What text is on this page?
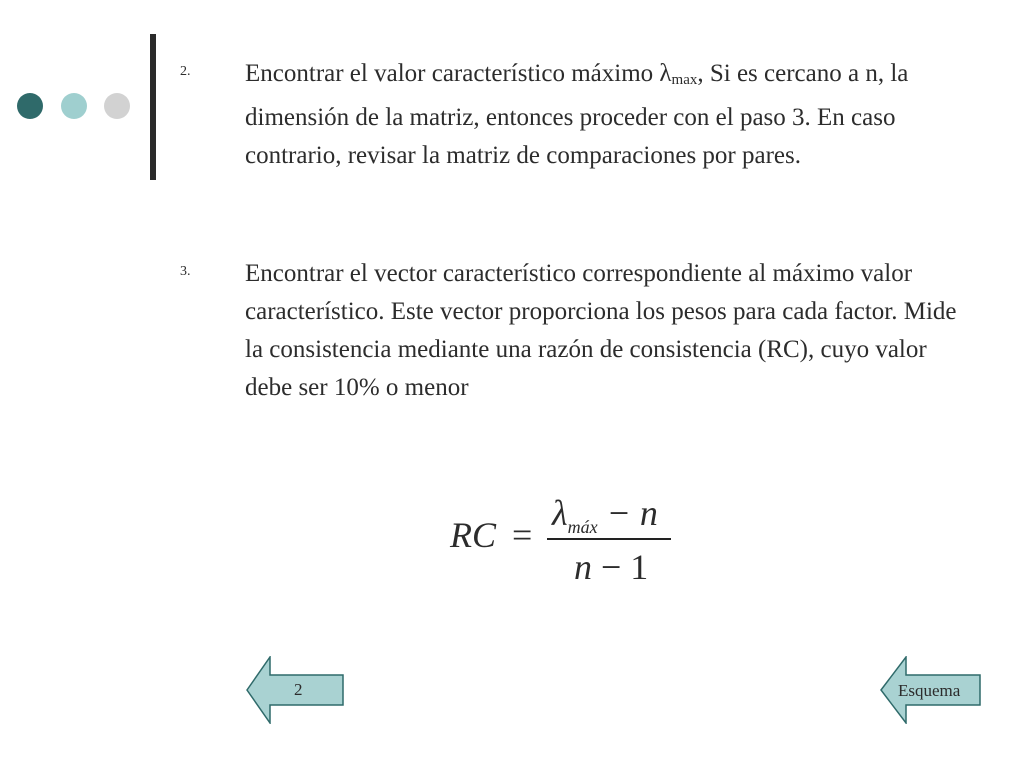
2. Encontrar el valor característico máximo λmax, Si es cercano a n, la dimensión de la matriz, entonces proceder con el paso 3. En caso contrario, revisar la matriz de comparaciones por pares.
3. Encontrar el vector característico correspondiente al máximo valor característico. Este vector proporciona los pesos para cada factor. Mide la consistencia mediante una razón de consistencia (RC), cuyo valor debe ser 10% o menor
RC =
$\lambda_{máx} - n$
n − 1
2	Esquema
